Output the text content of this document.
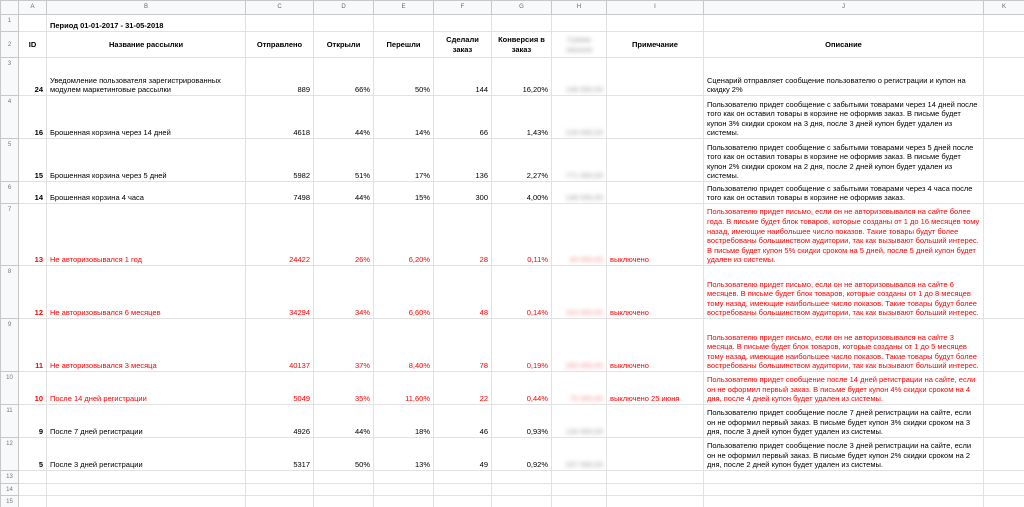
	A	B	C	D	E	F	G	H	I	J	K
1		Период 01-01-2017 - 31-05-2018									
2	ID	Название рассылки	Отправлено	Открыли	Перешли	Сделали заказ	Конверсия в заказ	Сумма заказов	Примечание	Описание	
3	24	Уведомление пользователя зарегистрированных модулем маркетинговые рассылки	889	66%	50%	144	16,20%	148 000,00		Сценарий отправляет сообщение пользователю о регистрации и купон на скидку 2%	
4	16	Брошенная корзина через 14 дней	4618	44%	14%	66	1,43%	218 000,00		Пользователю придет сообщение с забытыми товарами через 14 дней после того как он оставил товары в корзине не оформив заказ. В письме будет купон 3% скидки сроком на 3 дня, после 3 дней купон будет удален из системы.	
5	15	Брошенная корзина через 5 дней	5982	51%	17%	136	2,27%	771 000,00		Пользователю придет сообщение с забытыми товарами через 5 дней после того как он оставил товары в корзине не оформив заказ. В письме будет купон 2% скидки сроком на 2 дня, после 2 дней купон будет удален из системы.	
6	14	Брошенная корзина 4 часа	7498	44%	15%	300	4,00%	148 000,00		Пользователю придет сообщение с забытыми товарами через 4 часа после того как он оставил товары в корзине не оформив заказ.	
7	13	Не авторизовывался 1 год	24422	26%	6,20%	28	0,11%	44 000,00	выключено	Пользователю придет письмо, если он не авторизовывался на сайте более года. В письме будет блок товаров, которые созданы от 1 до 16 месяцев тому назад, имеющие наибольшее число показов. Такие товары будут более востребованы большинством аудитории, так как вызывают больший интерес. В письме будет купон 5% скидки сроком на 5 дней, после 5 дней купон будет удален из системы.	
8	12	Не авторизовывался 6 месяцев	34294	34%	6,60%	48	0,14%	163 000,00	выключено	Пользователю придет письмо, если он не авторизовывался на сайте 6 месяцев. В письме будет блок товаров, которые созданы от 1 до 8 месяцев тому назад, имеющие наибольшее число показов. Такие товары будут более востребованы большинством аудитории, так как вызывают больший интерес.	
9	11	Не авторизовывался 3 месяца	40137	37%	8,40%	78	0,19%	265 000,00	выключено	Пользователю придет письмо, если он не авторизовывался на сайте 3 месяца. В письме будет блок товаров, которые созданы от 1 до 5 месяцев тому назад, имеющие наибольшее число показов. Такие товары будут более востребованы большинством аудитории, так как вызывают больший интерес.	
10	10	После 14 дней регистрации	5049	35%	11,60%	22	0,44%	75 000,00	выключено 25 июня	Пользователю придет сообщение после 14 дней регистрации на сайте, если он не оформил первый заказ. В письме будет купон 4% скидки сроком на 4 дня, после 4 дней купон будет удален из системы.	
11	9	После 7 дней регистрации	4926	44%	18%	46	0,93%	134 000,00		Пользователю придет сообщение после 7 дней регистрации на сайте, если он не оформил первый заказ. В письме будет купон 3% скидки сроком на 3 дня, после 3 дней купон будет удален из системы.	
12	5	После 3 дней регистрации	5317	50%	13%	49	0,92%	237 000,00		Пользователю придет сообщение после 3 дней регистрации на сайте, если он не оформил первый заказ. В письме будет купон 2% скидки сроком на 2 дня, после 2 дней купон будет удален из системы.	
13											
14											
15											
